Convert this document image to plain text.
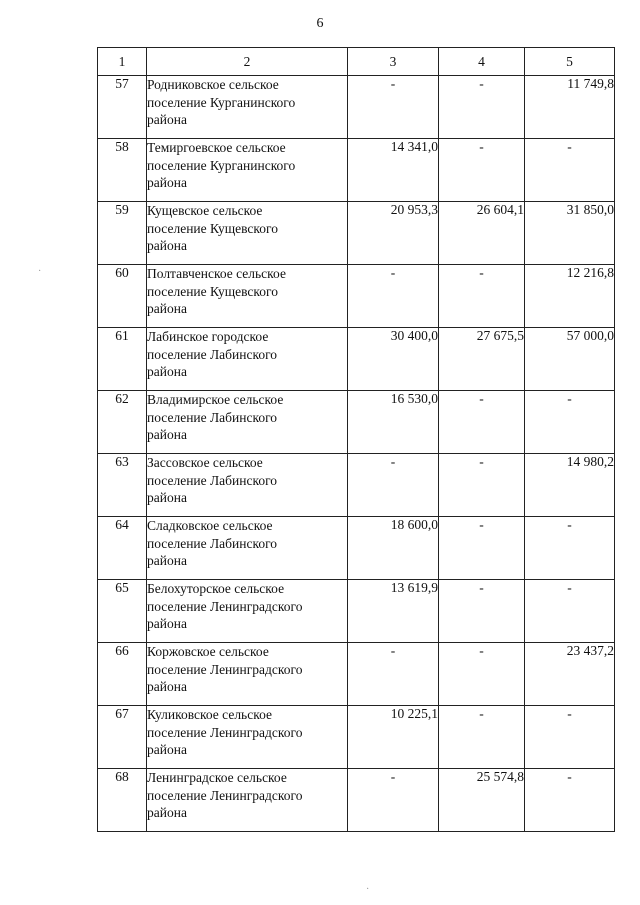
6
1	2	3	4	5
57	Родниковское сельское
поселение Курганинского
района	-	-	11 749,8
58	Темиргоевское сельское
поселение Курганинского
района	14 341,0	-	-
59	Кущевское сельское
поселение Кущевского
района	20 953,3	26 604,1	31 850,0
60	Полтавченское сельское
поселение Кущевского
района	-	-	12 216,8
61	Лабинское городское
поселение Лабинского
района	30 400,0	27 675,5	57 000,0
62	Владимирское сельское
поселение Лабинского
района	16 530,0	-	-
63	Зассовское сельское
поселение Лабинского
района	-	-	14 980,2
64	Сладковское сельское
поселение Лабинского
района	18 600,0	-	-
65	Белохуторское сельское
поселение Ленинградского
района	13 619,9	-	-
66	Коржовское сельское
поселение Ленинградского
района	-	-	23 437,2
67	Куликовское сельское
поселение Ленинградского
района	10 225,1	-	-
68	Ленинградское сельское
поселение Ленинградского
района	-	25 574,8	-
·
·
